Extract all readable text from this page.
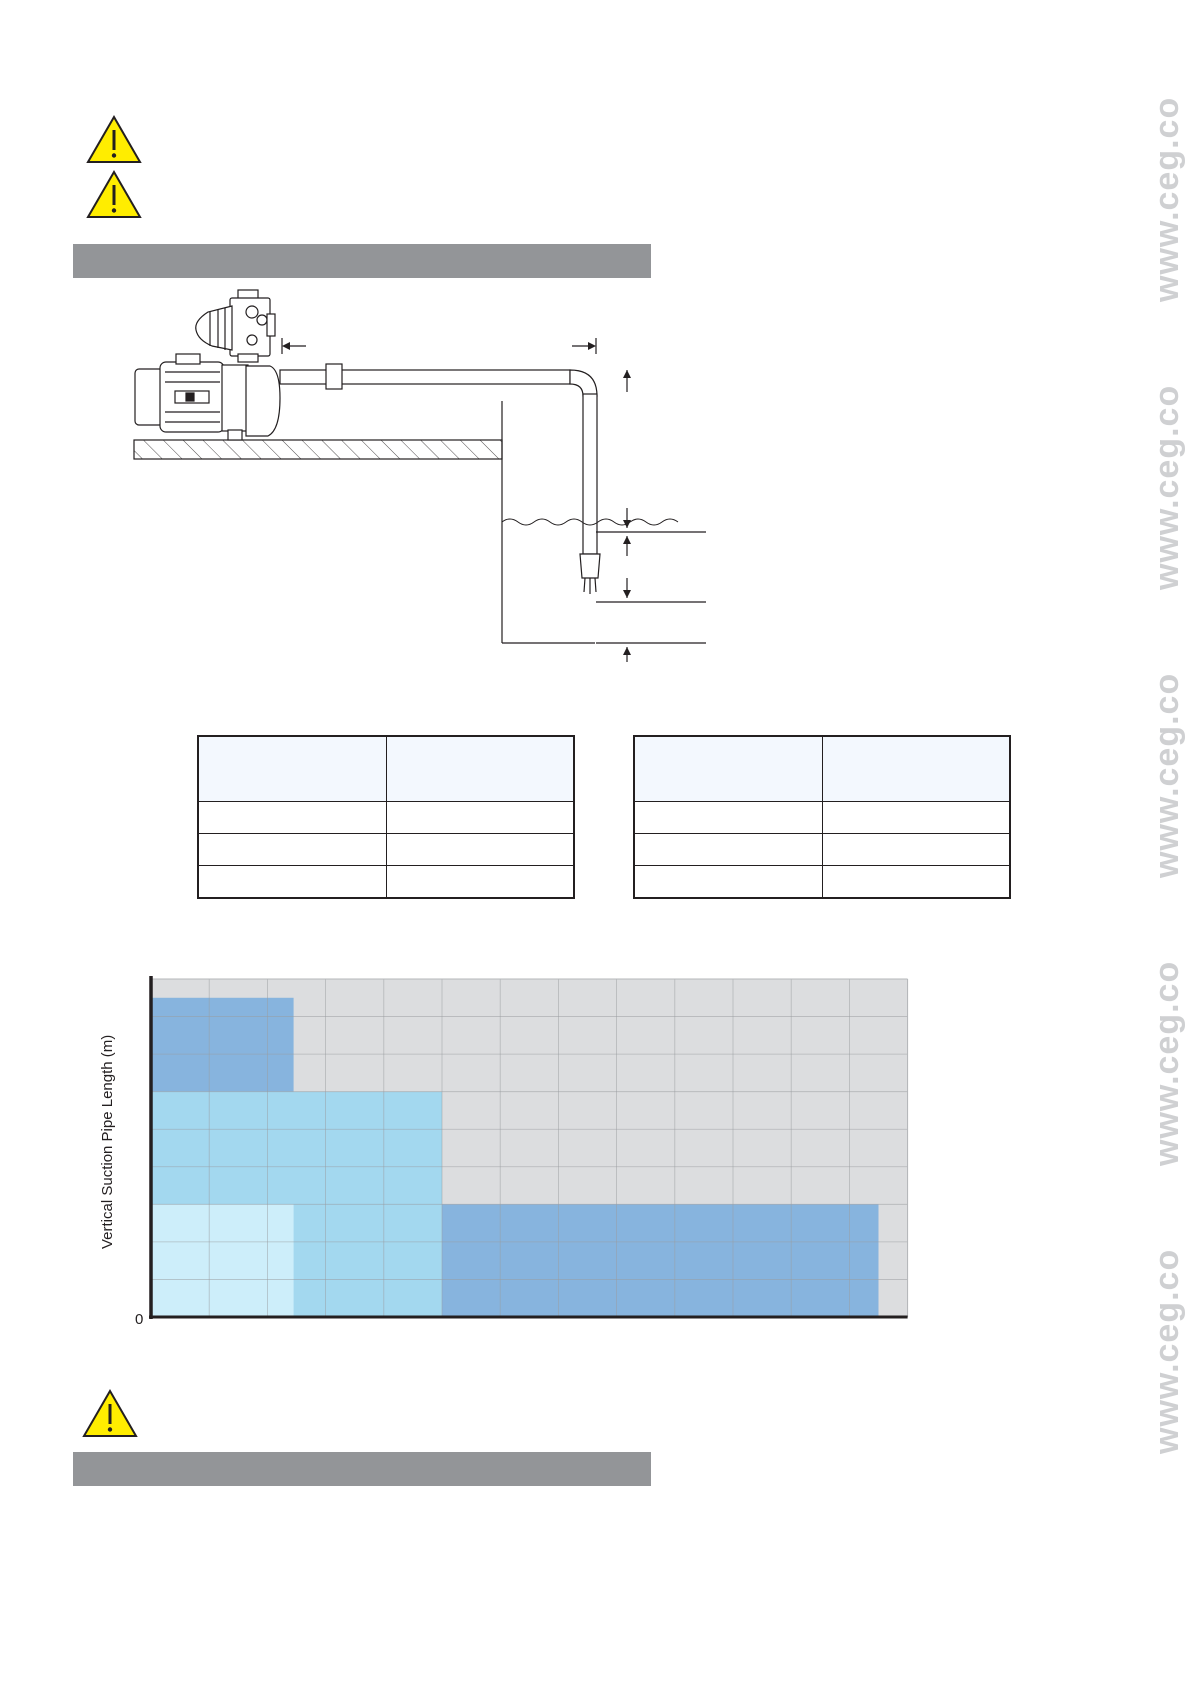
www.ceg.co
www.ceg.co
www.ceg.co
www.ceg.co
www.ceg.co

Vertical Suction Pipe Length (m)
0
